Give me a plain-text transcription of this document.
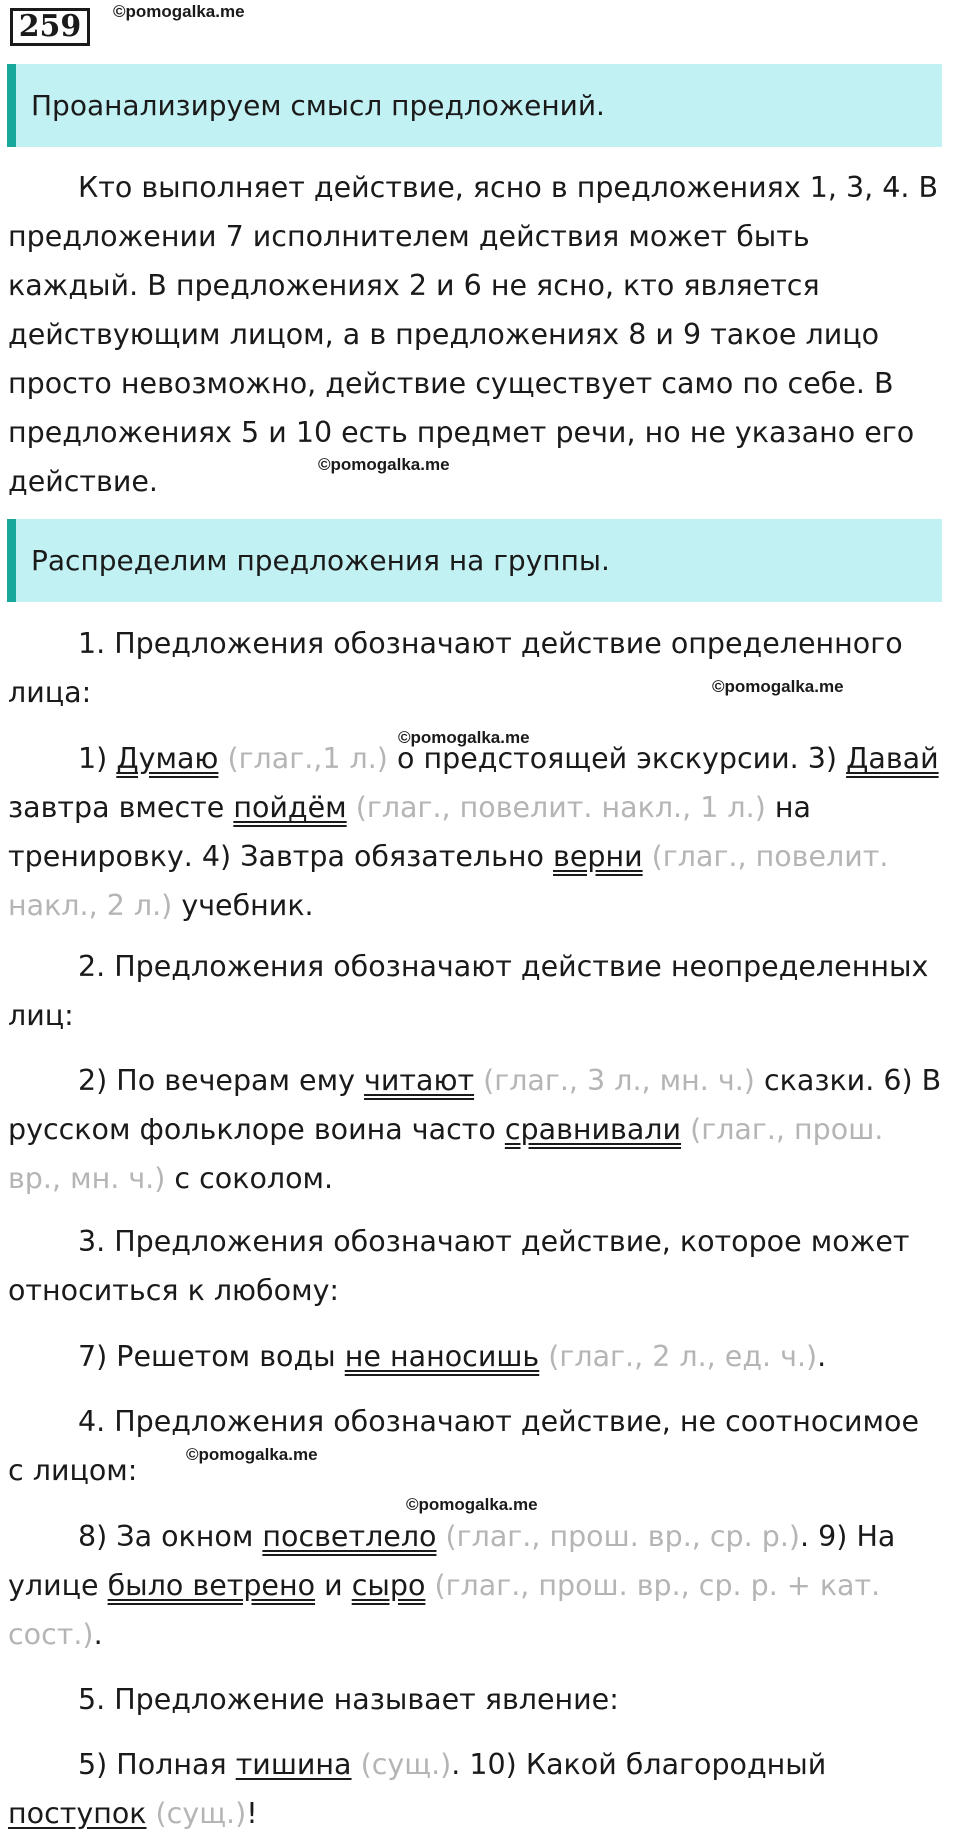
259	©pomogalka.me
Проанализируем смысл предложений.
Кто выполняет действие, ясно в предложениях 1, 3, 4. В
предложении 7 исполнителем действия может быть
каждый. В предложениях 2 и 6 не ясно, кто является
действующим лицом, а в предложениях 8 и 9 такое лицо
просто невозможно, действие существует само по себе. В
предложениях 5 и 10 есть предмет речи, но не указано его
действие.
©pomogalka.me
Распределим предложения на группы.
1. Предложения обозначают действие определенного
лица:	©pomogalka.me
©pomogalka.me
1) Думаю (глаг.,1 л.) о предстоящей экскурсии. 3) Давай
завтра вместе пойдём (глаг., повелит. накл., 1 л.) на
тренировку. 4) Завтра обязательно верни (глаг., повелит.
накл., 2 л.) учебник.
2. Предложения обозначают действие неопределенных
лиц:
2) По вечерам ему читают (глаг., 3 л., мн. ч.) сказки. 6) В
русском фольклоре воина часто сравнивали (глаг., прош.
вр., мн. ч.) с соколом.
3. Предложения обозначают действие, которое может
относиться к любому:
7) Решетом воды не наносишь (глаг., 2 л., ед. ч.).
4. Предложения обозначают действие, не соотносимое
с лицом:	©pomogalka.me
©pomogalka.me
8) За окном посветлело (глаг., прош. вр., ср. р.). 9) На
улице было ветрено и сыро (глаг., прош. вр., ср. р. + кат.
сост.).
5. Предложение называет явление:
5) Полная тишина (сущ.). 10) Какой благородный
поступок (сущ.)!
